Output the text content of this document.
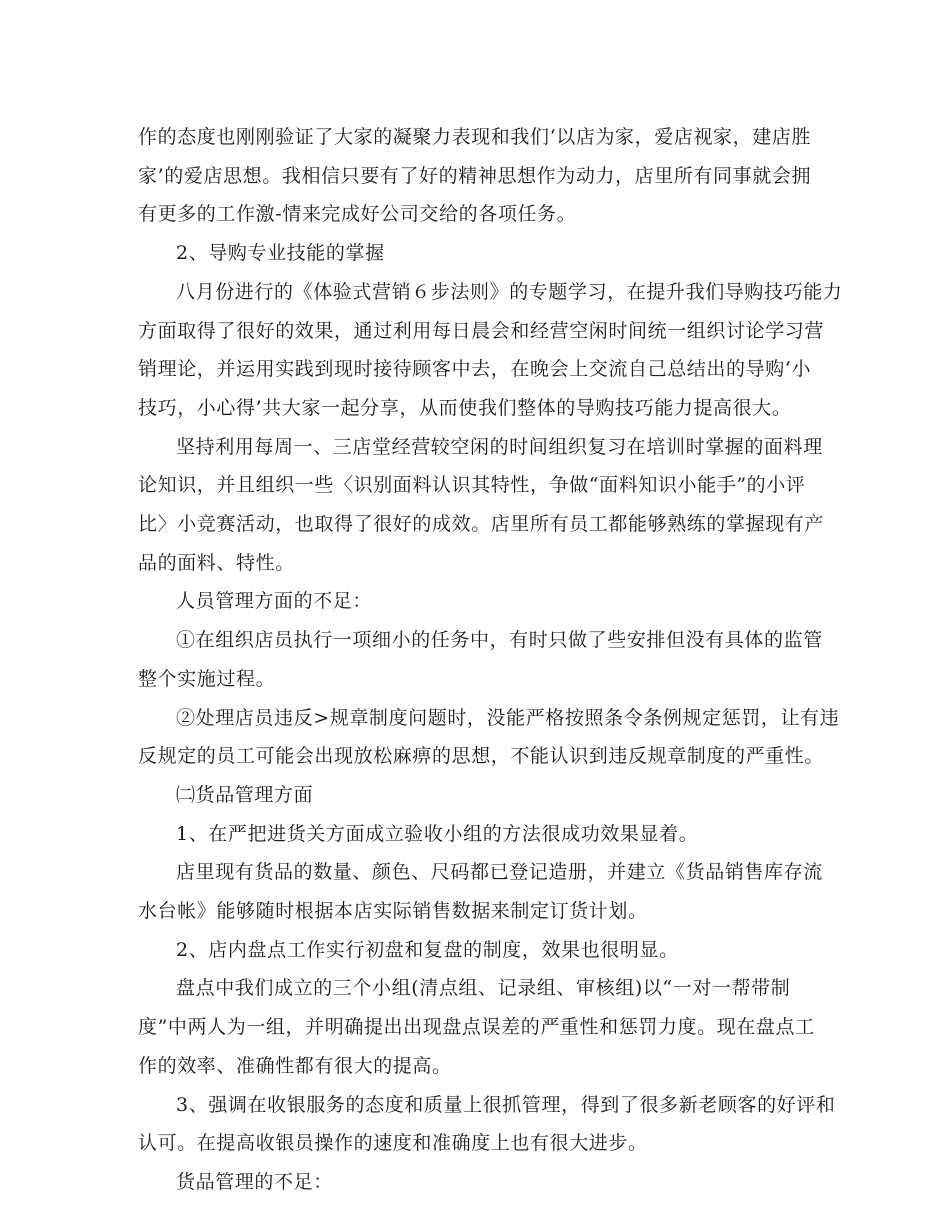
作的态度也刚刚验证了大家的凝聚力表现和我们‘以店为家，爱店视家，建店胜

家’的爱店思想。我相信只要有了好的精神思想作为动力，店里所有同事就会拥

有更多的工作激-情来完成好公司交给的各项任务。

2、导购专业技能的掌握

八月份进行的《体验式营销６步法则》的专题学习，在提升我们导购技巧能力

方面取得了很好的效果，通过利用每日晨会和经营空闲时间统一组织讨论学习营

销理论，并运用实践到现时接待顾客中去，在晚会上交流自己总结出的导购‘小

技巧，小心得’共大家一起分享，从而使我们整体的导购技巧能力提高很大。

坚持利用每周一、三店堂经营较空闲的时间组织复习在培训时掌握的面料理

论知识，并且组织一些〈识别面料认识其特性，争做“面料知识小能手”的小评

比〉小竞赛活动，也取得了很好的成效。店里所有员工都能够熟练的掌握现有产

品的面料、特性。

人员管理方面的不足：

①在组织店员执行一项细小的任务中，有时只做了些安排但没有具体的监管

整个实施过程。

②处理店员违反>规章制度问题时，没能严格按照条令条例规定惩罚，让有违

反规定的员工可能会出现放松麻痹的思想，不能认识到违反规章制度的严重性。

㈡货品管理方面

1、在严把进货关方面成立验收小组的方法很成功效果显着。

店里现有货品的数量、颜色、尺码都已登记造册，并建立《货品销售库存流

水台帐》能够随时根据本店实际销售数据来制定订货计划。

2、店内盘点工作实行初盘和复盘的制度，效果也很明显。

盘点中我们成立的三个小组(清点组、记录组、审核组)以“一对一帮带制

度”中两人为一组，并明确提出出现盘点误差的严重性和惩罚力度。现在盘点工

作的效率、准确性都有很大的提高。

3、强调在收银服务的态度和质量上很抓管理，得到了很多新老顾客的好评和

认可。在提高收银员操作的速度和准确度上也有很大进步。

货品管理的不足：
